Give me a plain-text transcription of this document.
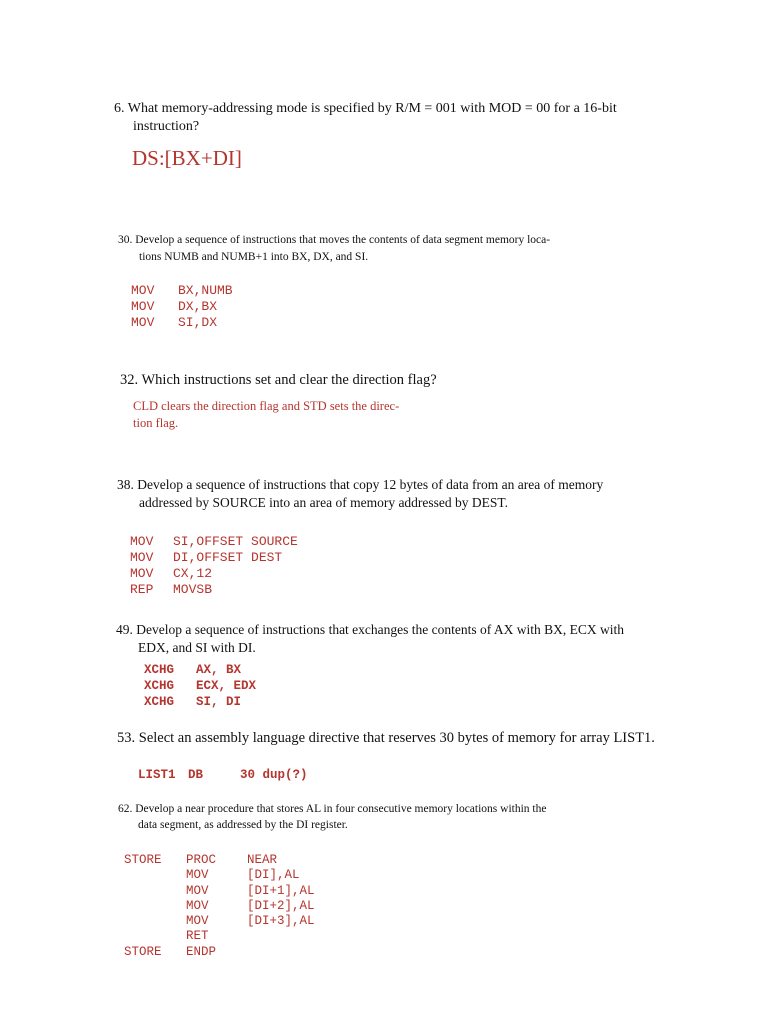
6. What memory-addressing mode is specified by R/M = 001 with MOD = 00 for a 16-bit
instruction?
DS:[BX+DI]
30. Develop a sequence of instructions that moves the contents of data segment memory loca-
tions NUMB and NUMB+1 into BX, DX, and SI.
MOV BX,NUMB
MOV DX,BX
MOV SI,DX
32. Which instructions set and clear the direction flag?
CLD clears the direction flag and STD sets the direc-
tion flag.
38. Develop a sequence of instructions that copy 12 bytes of data from an area of memory
addressed by SOURCE into an area of memory addressed by DEST.
MOV SI,OFFSET SOURCE
MOV DI,OFFSET DEST
MOV CX,12
REP MOVSB
49. Develop a sequence of instructions that exchanges the contents of AX with BX, ECX with
EDX, and SI with DI.
XCHG AX, BX
XCHG ECX, EDX
XCHG SI, DI
53. Select an assembly language directive that reserves 30 bytes of memory for array LIST1.
LIST1 DB	30 dup(?)
62. Develop a near procedure that stores AL in four consecutive memory locations within the
data segment, as addressed by the DI register.
STORE PROC NEAR
MOV	[DI],AL
MOV	[DI+1],AL
MOV	[DI+2],AL
MOV	[DI+3],AL
RET
STORE ENDP
